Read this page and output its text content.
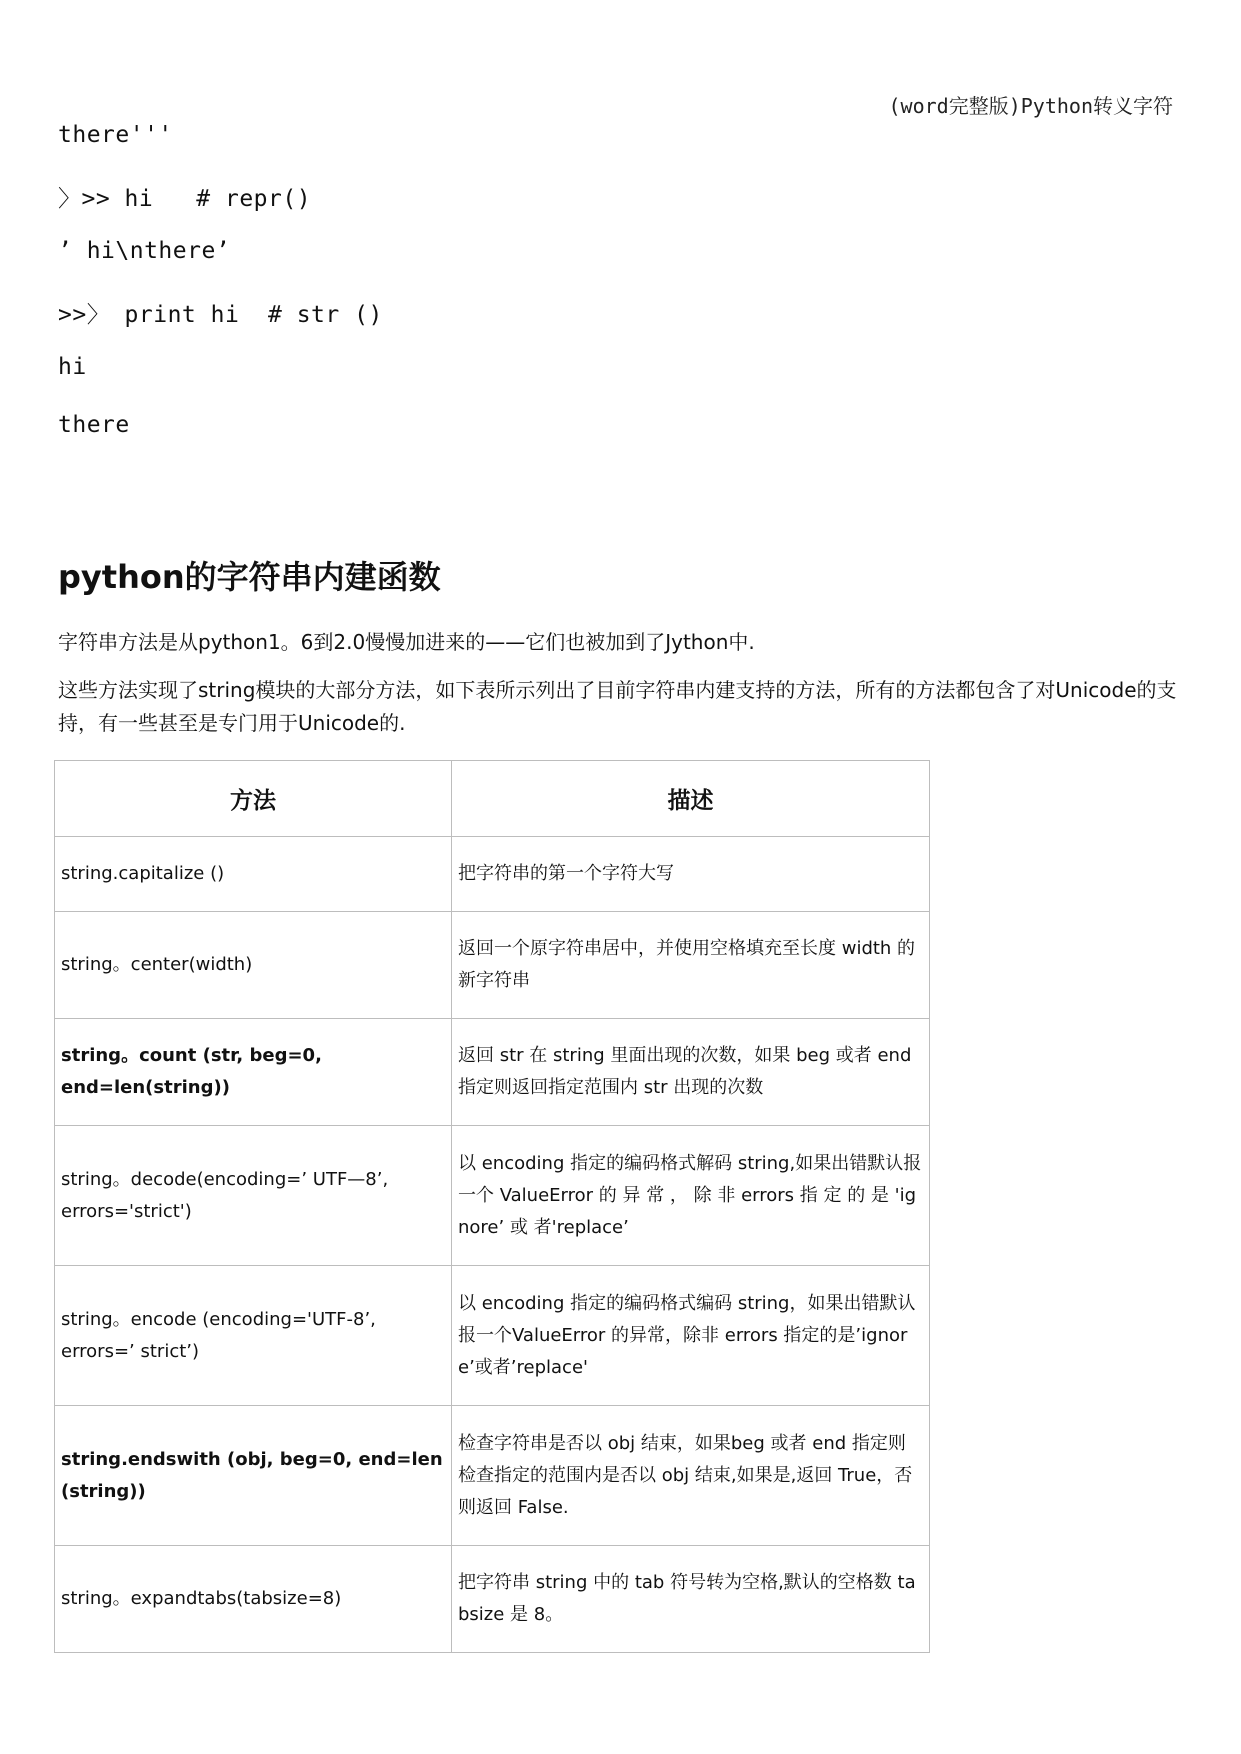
(word完整版)Python转义字符
there'''
〉>> hi   # repr()
’ hi\nthere’
>>〉 print hi  # str ()
hi
there
python的字符串内建函数

字符串方法是从python1。6到2.0慢慢加进来的——它们也被加到了Jython中.

这些方法实现了string模块的大部分方法，如下表所示列出了目前字符串内建支持的方法，所有的方法都包含了对Unicode的支持，有一些甚至是专门用于Unicode的.

方法	描述
string.capitalize ()	把字符串的第一个字符大写
string。center(width)	返回一个原字符串居中，并使用空格填充至长度 width 的新字符串
string。count (str, beg=0, end=len(string))	返回 str 在 string 里面出现的次数，如果 beg 或者 end 指定则返回指定范围内 str 出现的次数
string。decode(encoding=’ UTF—8’, errors='strict')	以 encoding 指定的编码格式解码 string,如果出错默认报一个 ValueError 的 异 常 ， 除 非 errors 指 定 的 是 'ignore’ 或 者'replace’
string。encode (encoding='UTF-8’, errors=’ strict’)	以 encoding 指定的编码格式编码 string，如果出错默认报一个ValueError 的异常，除非 errors 指定的是’ignore’或者’replace'
string.endswith (obj, beg=0, end=len (string))	检查字符串是否以 obj 结束，如果beg 或者 end 指定则检查指定的范围内是否以 obj 结束,如果是,返回 True，否则返回 False.
string。expandtabs(tabsize=8)	把字符串 string 中的 tab 符号转为空格,默认的空格数 tabsize 是 8。
